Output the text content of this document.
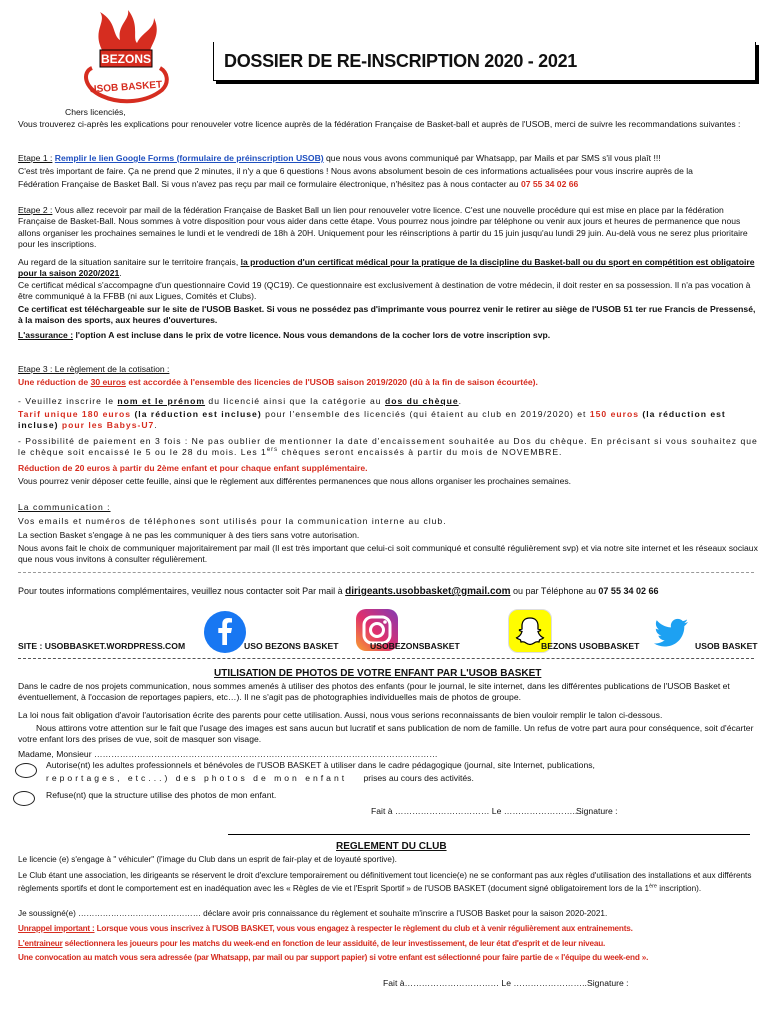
BEZONS
USOB BASKET
DOSSIER DE RE-INSCRIPTION 2020 - 2021
Chers licenciés,
Vous trouverez ci-après les explications pour renouveler votre licence auprès de la fédération Française de Basket-ball et auprès de l'USOB, merci de suivre les recommandations suivantes :
Etape 1 : Remplir le lien Google Forms (formulaire de préinscription USOB) que nous vous avons communiqué par Whatsapp, par Mails et par SMS s'il vous plaît !!!
C'est très important de faire. Ça ne prend que 2 minutes, il n'y a que 6 questions ! Nous avons absolument besoin de ces informations actualisées pour vous inscrire auprès de la
Fédération Française de Basket Ball. Si vous n'avez pas reçu par mail ce formulaire électronique, n'hésitez pas à nous contacter au 07 55 34 02 66
Etape 2 : Vous allez recevoir par mail de la fédération Française de Basket Ball un lien pour renouveler votre licence. C'est une nouvelle procédure qui est mise en place par la fédération Française de Basket-Ball. Nous sommes à votre disposition pour vous aider dans cette étape. Vous pourrez nous joindre par téléphone ou venir aux jours et heures de permanence que nous allons organiser les prochaines semaines le lundi et le vendredi de 18h à 20H. Uniquement pour les réinscriptions à partir du 15 juin jusqu'au lundi 29 juin. Au-delà vous ne serez plus prioritaire pour les inscriptions.
Au regard de la situation sanitaire sur le territoire français, la production d'un certificat médical pour la pratique de la discipline du Basket-ball ou du sport en compétition est obligatoire pour la saison 2020/2021.
Ce certificat médical s'accompagne d'un questionnaire Covid 19 (QC19). Ce questionnaire est exclusivement à destination de votre médecin, il doit rester en sa possession. Il n'a pas vocation à être communiqué à la FFBB (ni aux Ligues, Comités et Clubs).
Ce certificat est téléchargeable sur le site de l'USOB Basket. Si vous ne possédez pas d'imprimante vous pourrez venir le retirer au siège de l'USOB 51 ter rue Francis de Pressensé, à la maison des sports, aux heures d'ouvertures.
L'assurance : l'option A est incluse dans le prix de votre licence. Nous vous demandons de la cocher lors de votre inscription svp.
Etape 3 : Le règlement de la cotisation :
Une réduction de 30 euros est accordée à l'ensemble des licencies de l'USOB saison 2019/2020 (dû à la fin de saison écourtée).
- Veuillez inscrire le nom et le prénom du licencié ainsi que la catégorie au dos du chèque.
Tarif unique 180 euros (la réduction est incluse) pour l'ensemble des licenciés (qui étaient au club en 2019/2020) et 150 euros (la réduction est incluse) pour les Babys-U7.
- Possibilité de paiement en 3 fois : Ne pas oublier de mentionner la date d'encaissement souhaitée au Dos du chèque. En précisant si vous souhaitez que le chèque soit encaissé le 5 ou le 28 du mois. Les 1ers chèques seront encaissés à partir du mois de NOVEMBRE.
Réduction de 20 euros à partir du 2ème enfant et pour chaque enfant supplémentaire.
Vous pourrez venir déposer cette feuille, ainsi que le règlement aux différentes permanences que nous allons organiser les prochaines semaines.
La communication :
Vos emails et numéros de téléphones sont utilisés pour la communication interne au club.
La section Basket s'engage à ne pas les communiquer à des tiers sans votre autorisation.
Nous avons fait le choix de communiquer majoritairement par mail (Il est très important que celui-ci soit communiqué et consulté régulièrement svp) et via notre site internet et les réseaux sociaux que nous vous invitons à consulter régulièrement.
Pour toutes informations complémentaires, veuillez nous contacter soit Par mail à dirigeants.usobbasket@gmail.com ou par Téléphone au 07 55 34 02 66
SITE : USOBBASKET.WORDPRESS.COM	USO BEZONS BASKET	USOBEZONSBASKET	BEZONS USOBBASKET	USOB BASKET
UTILISATION DE PHOTOS DE VOTRE ENFANT PAR L'USOB BASKET
Dans le cadre de nos projets communication, nous sommes amenés à utiliser des photos des enfants (pour le journal, le site internet, dans les différentes publications de l'USOB Basket et éventuellement, à l'occasion de reportages papiers, etc…). Il ne s'agit pas de photographies individuelles mais de photos de groupe.
La loi nous fait obligation d'avoir l'autorisation écrite des parents pour cette utilisation. Aussi, nous vous serions reconnaissants de bien vouloir remplir le talon ci-dessous.
Nous attirons votre attention sur le fait que l'usage des images est sans aucun but lucratif et sans publication de nom de famille. Un refus de votre part aura pour conséquence, soit d'écarter votre enfant lors des prises de vue, soit de masquer son visage.
Madame, Monsieur …………………………………………………………………………………………………………
Autorise(nt) les adultes professionnels et bénévoles de l'USOB BASKET à utiliser dans le cadre pédagogique (journal, site Internet, publications,
reportages, etc...) des photos de mon enfant prises au cours des activités.
Refuse(nt) que la structure utilise des photos de mon enfant.
Fait à …………………………… Le ……………………..
Signature :
REGLEMENT DU CLUB
Le licencie (e) s'engage à " véhiculer" (l'image du Club dans un esprit de fair-play et de loyauté sportive).
Le Club étant une association, les dirigeants se réservent le droit d'exclure temporairement ou définitivement tout licencie(e) ne se conformant pas aux règles d'utilisation des installations et aux différents règlements sportifs et dont le comportement est en inadéquation avec les « Règles de vie et l'Esprit Sportif » de l'USOB BASKET (document signé obligatoirement lors de la 1ère inscription).
Je soussigné(e) ……………………………………… déclare avoir pris connaissance du règlement et souhaite m'inscrire a l'USOB Basket pour la saison 2020-2021.
Unrappel important : Lorsque vous vous inscrivez à l'USOB BASKET, vous vous engagez à respecter le règlement du club et à venir régulièrement aux entrainements.
L'entraineur sélectionnera les joueurs pour les matchs du week-end en fonction de leur assiduité, de leur investissement, de leur état d'esprit et de leur niveau.
Une convocation au match vous sera adressée (par Whatsapp, par mail ou par support papier) si votre enfant est sélectionné pour faire partie de « l'équipe du week-end ».
Fait à…………………………… Le …………………….. Signature :
